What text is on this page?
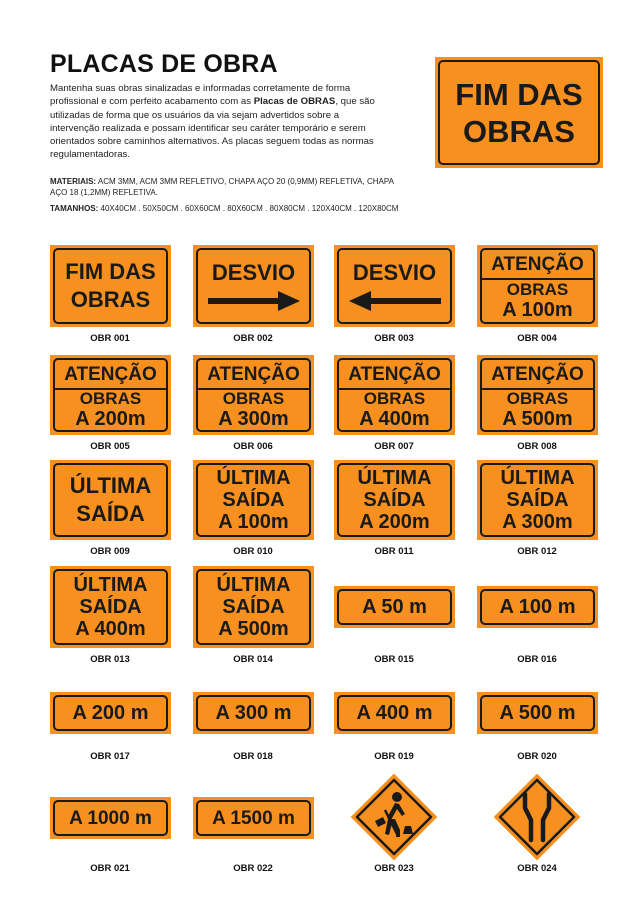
PLACAS DE OBRA
Mantenha suas obras sinalizadas e informadas corretamente de forma profissional e com perfeito acabamento com as Placas de OBRAS, que são utilizadas de forma que os usuários da via sejam advertidos sobre a intervenção realizada e possam identificar seu caráter temporário e serem orientados sobre caminhos alternativos. As placas seguem todas as normas regulamentadoras.
MATERIAIS: ACM 3MM, ACM 3MM REFLETIVO, CHAPA AÇO 20 (0,9MM) REFLETIVA, CHAPA AÇO 18 (1,2MM) REFLETIVA.
TAMANHOS: 40X40CM . 50X50CM . 60X60CM . 80X60CM . 80X80CM . 120X40CM . 120X80CM
FIM DAS
OBRAS
FIM DAS
OBRAS
OBR 001
DESVIO
OBR 002
DESVIO
OBR 003
ATENÇÃO
OBRAS
A 100m
OBR 004
ATENÇÃO
OBRAS
A 200m
OBR 005
ATENÇÃO
OBRAS
A 300m
OBR 006
ATENÇÃO
OBRAS
A 400m
OBR 007
ATENÇÃO
OBRAS
A 500m
OBR 008
ÚLTIMA
SAÍDA
OBR 009
ÚLTIMA
SAÍDA
A 100m
OBR 010
ÚLTIMA
SAÍDA
A 200m
OBR 011
ÚLTIMA
SAÍDA
A 300m
OBR 012
ÚLTIMA
SAÍDA
A 400m
OBR 013
ÚLTIMA
SAÍDA
A 500m
OBR 014
A 50 m
OBR 015
A 100 m
OBR 016
A 200 m
OBR 017
A 300 m
OBR 018
A 400 m
OBR 019
A 500 m
OBR 020
A 1000 m
OBR 021
A 1500 m
OBR 022	OBR 023	OBR 024
